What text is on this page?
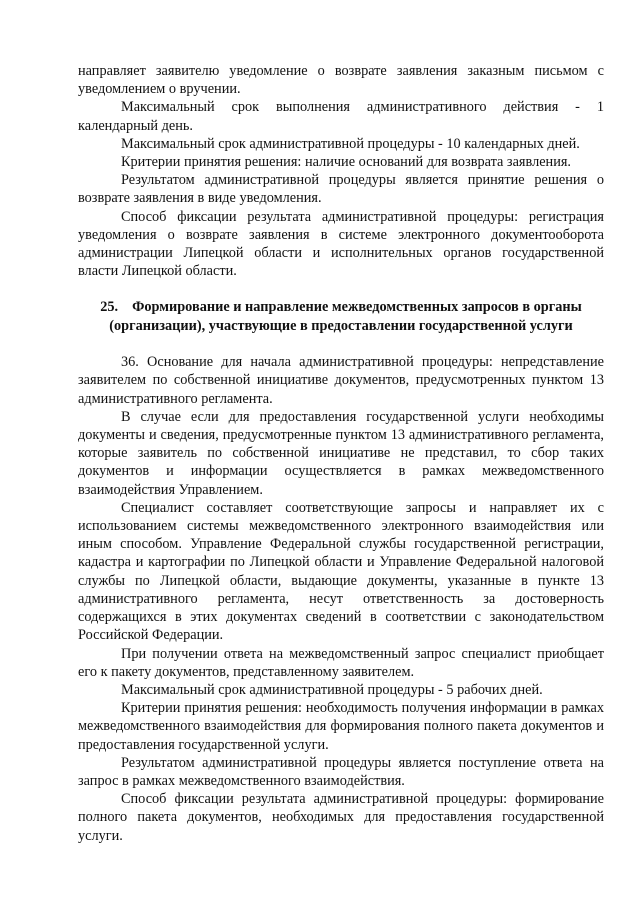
направляет заявителю уведомление о возврате заявления заказным письмом с уведомлением о вручении.

Максимальный срок выполнения административного действия - 1 календарный день.

Максимальный срок административной процедуры - 10 календарных дней.

Критерии принятия решения: наличие оснований для возврата заявления.

Результатом административной процедуры является принятие решения о возврате заявления в виде уведомления.

Способ фиксации результата административной процедуры: регистрация уведомления о возврате заявления в системе электронного документооборота администрации Липецкой области и исполнительных органов государственной власти Липецкой области.

25. Формирование и направление межведомственных запросов в органы (организации), участвующие в предоставлении государственной услуги

36. Основание для начала административной процедуры: непредставление заявителем по собственной инициативе документов, предусмотренных пунктом 13 административного регламента.

В случае если для предоставления государственной услуги необходимы документы и сведения, предусмотренные пунктом 13 административного регламента, которые заявитель по собственной инициативе не представил, то сбор таких документов и информации осуществляется в рамках межведомственного взаимодействия Управлением.

Специалист составляет соответствующие запросы и направляет их с использованием системы межведомственного электронного взаимодействия или иным способом. Управление Федеральной службы государственной регистрации, кадастра и картографии по Липецкой области и Управление Федеральной налоговой службы по Липецкой области, выдающие документы, указанные в пункте 13 административного регламента, несут ответственность за достоверность содержащихся в этих документах сведений в соответствии с законодательством Российской Федерации.

При получении ответа на межведомственный запрос специалист приобщает его к пакету документов, представленному заявителем.

Максимальный срок административной процедуры - 5 рабочих дней.

Критерии принятия решения: необходимость получения информации в рамках межведомственного взаимодействия для формирования полного пакета документов и предоставления государственной услуги.

Результатом административной процедуры является поступление ответа на запрос в рамках межведомственного взаимодействия.

Способ фиксации результата административной процедуры: формирование полного пакета документов, необходимых для предоставления государственной услуги.
